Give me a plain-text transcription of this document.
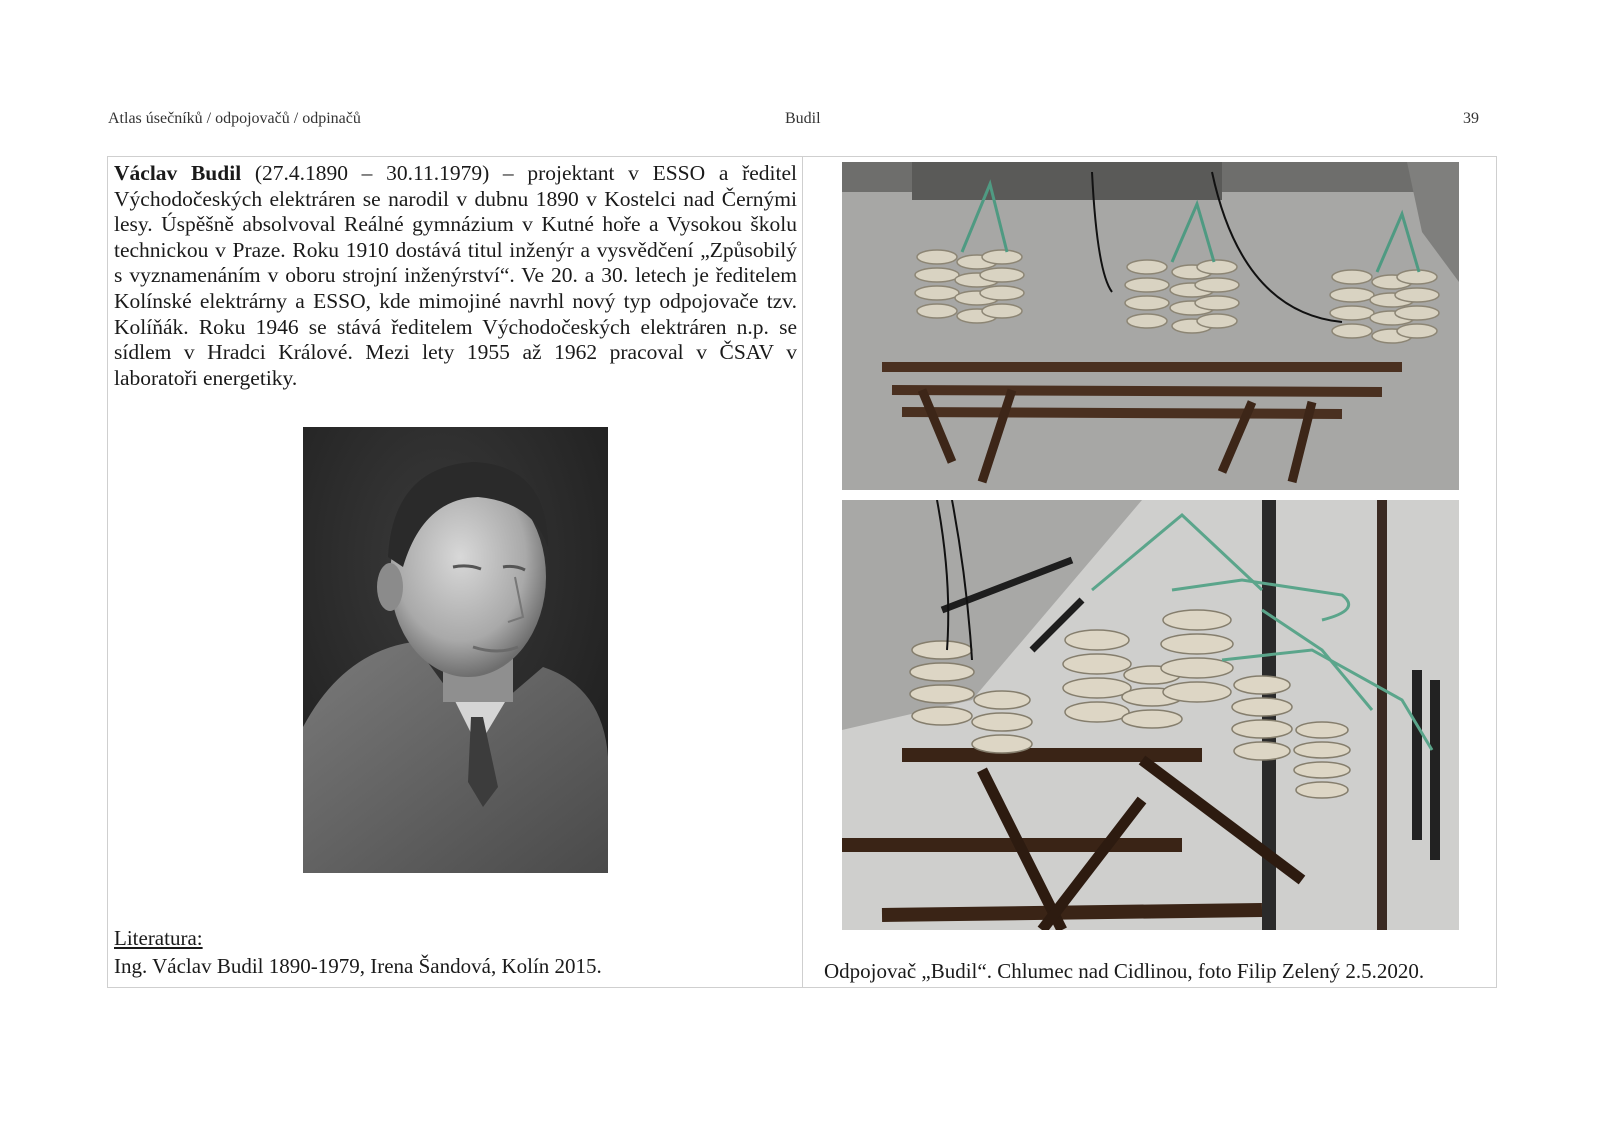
Atlas úsečníků / odpojovačů / odpinačů	Budil	39

Václav Budil (27.4.1890 – 30.11.1979) – projektant v ESSO a ředitel Východočeských elektráren se narodil v dubnu 1890 v Kostelci nad Černými lesy. Úspěšně absolvoval Reálné gymnázium v Kutné hoře a Vysokou školu technickou v Praze. Roku 1910 dostává titul inženýr a vysvědčení „Způsobilý s vyznamenáním v oboru strojní inženýrství“. Ve 20. a 30. letech je ředitelem Kolínské elektrárny a ESSO, kde mimojiné navrhl nový typ odpojovače tzv. Kolíňák. Roku 1946 se stává ředitelem Východočeských elektráren n.p. se sídlem v Hradci Králové. Mezi lety 1955 až 1962 pracoval v ČSAV v laboratoři energetiky.

Literatura:
Ing. Václav Budil 1890-1979, Irena Šandová, Kolín 2015.	Odpojovač „Budil“. Chlumec nad Cidlinou, foto Filip Zelený 2.5.2020.
